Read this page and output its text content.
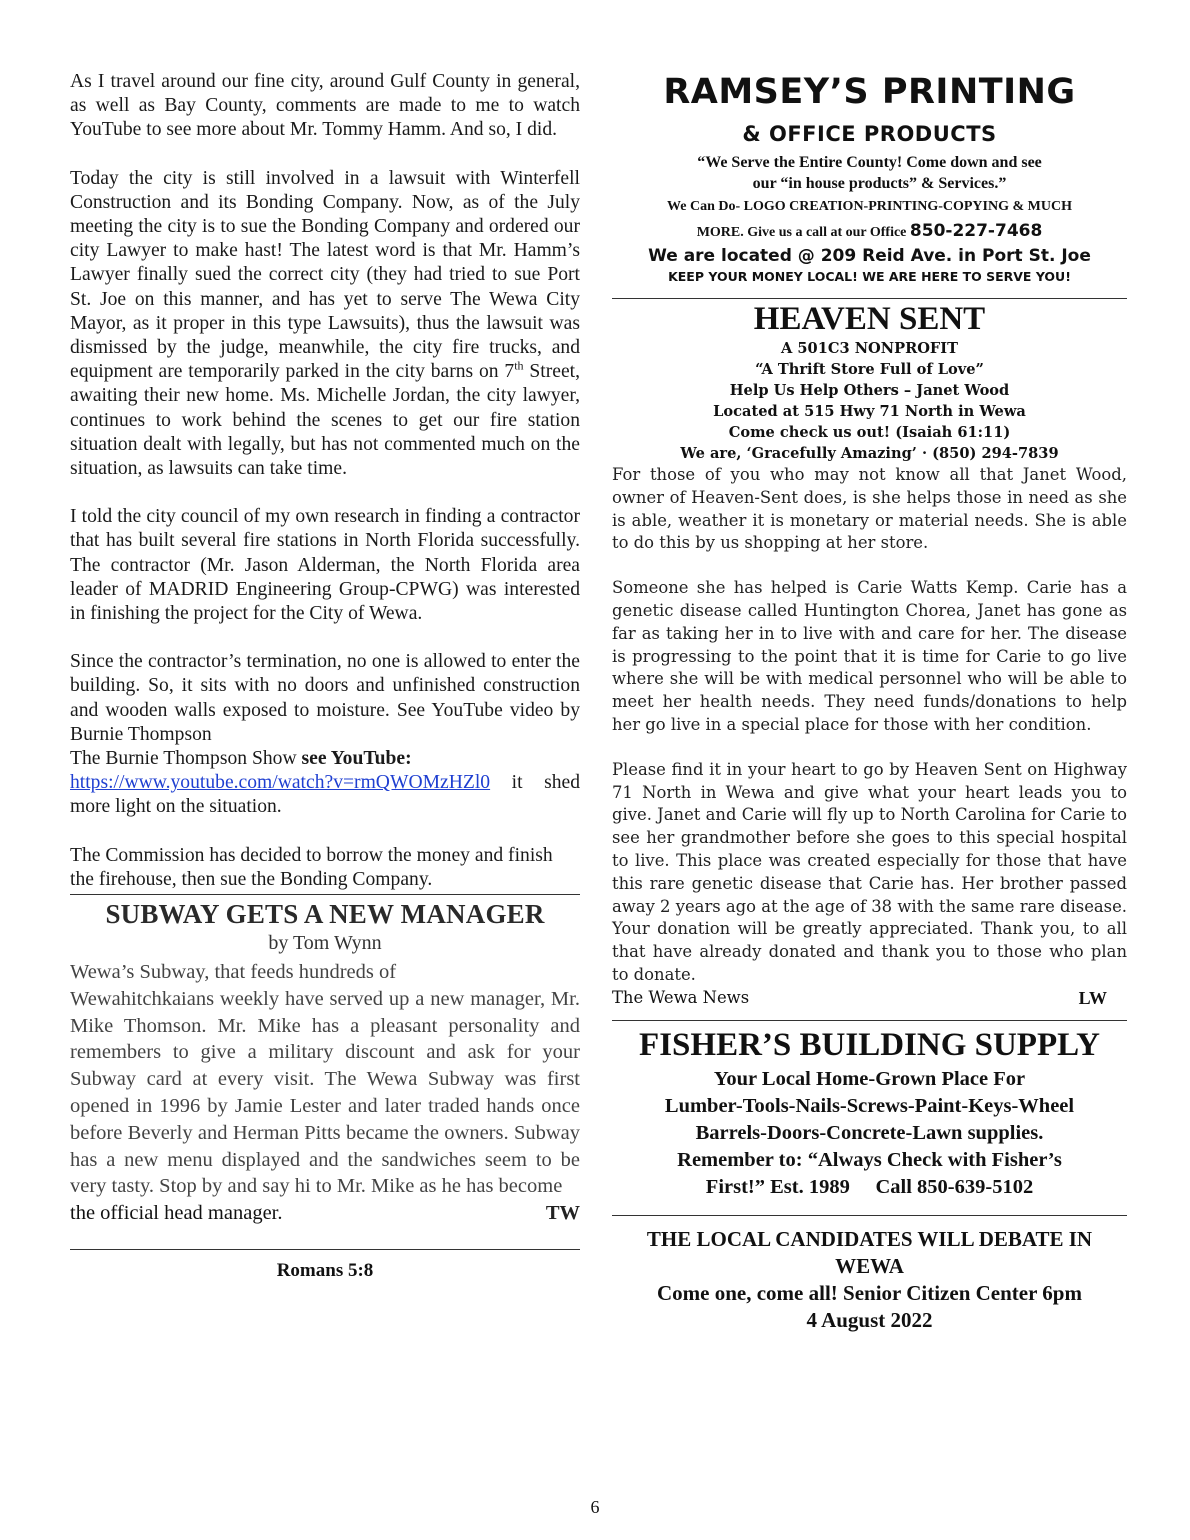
As I travel around our fine city, around Gulf County in general, as well as Bay County, comments are made to me to watch YouTube to see more about Mr. Tommy Hamm. And so, I did.

Today the city is still involved in a lawsuit with Winterfell Construction and its Bonding Company. Now, as of the July meeting the city is to sue the Bonding Company and ordered our city Lawyer to make hast! The latest word is that Mr. Hamm’s Lawyer finally sued the correct city (they had tried to sue Port St. Joe on this manner, and has yet to serve The Wewa City Mayor, as it proper in this type Lawsuits), thus the lawsuit was dismissed by the judge, meanwhile, the city fire trucks, and equipment are temporarily parked in the city barns on 7th Street, awaiting their new home. Ms. Michelle Jordan, the city lawyer, continues to work behind the scenes to get our fire station situation dealt with legally, but has not commented much on the situation, as lawsuits can take time.

I told the city council of my own research in finding a contractor that has built several fire stations in North Florida successfully. The contractor (Mr. Jason Alderman, the North Florida area leader of MADRID Engineering Group-CPWG) was interested in finishing the project for the City of Wewa.

Since the contractor’s termination, no one is allowed to enter the building. So, it sits with no doors and unfinished construction and wooden walls exposed to moisture. See YouTube video by Burnie Thompson
The Burnie Thompson Show see YouTube:
https://www.youtube.com/watch?v=rmQWOMzHZl0 it shed more light on the situation.

The Commission has decided to borrow the money and finish the firehouse, then sue the Bonding Company.

SUBWAY GETS A NEW MANAGER
by Tom Wynn
Wewa’s Subway, that feeds hundreds of

Wewahitchkaians weekly have served up a new manager, Mr. Mike Thomson. Mr. Mike has a pleasant personality and remembers to give a military discount and ask for your Subway card at every visit. The Wewa Subway was first opened in 1996 by Jamie Lester and later traded hands once before Beverly and Herman Pitts became the owners. Subway has a new menu displayed and the sandwiches seem to be very tasty. Stop by and say hi to Mr. Mike as he has become

the official head manager.	TW
Romans 5:8
RAMSEY’S PRINTING
& OFFICE PRODUCTS
“We Serve the Entire County! Come down and see
our “in house products” & Services.”
We Can Do- LOGO CREATION-PRINTING-COPYING & MUCH
MORE. Give us a call at our Office 850-227-7468
We are located @ 209 Reid Ave. in Port St. Joe
KEEP YOUR MONEY LOCAL! WE ARE HERE TO SERVE YOU!
HEAVEN SENT
A 501C3 NONPROFIT
“A Thrift Store Full of Love”
Help Us Help Others – Janet Wood
Located at 515 Hwy 71 North in Wewa
Come check us out! (Isaiah 61:11)
We are, ‘Gracefully Amazing’ · (850) 294-7839

For those of you who may not know all that Janet Wood, owner of Heaven-Sent does, is she helps those in need as she is able, weather it is monetary or material needs. She is able to do this by us shopping at her store.

Someone she has helped is Carie Watts Kemp. Carie has a genetic disease called Huntington Chorea, Janet has gone as far as taking her in to live with and care for her. The disease is progressing to the point that it is time for Carie to go live where she will be with medical personnel who will be able to meet her health needs. They need funds/donations to help her go live in a special place for those with her condition.

Please find it in your heart to go by Heaven Sent on Highway 71 North in Wewa and give what your heart leads you to give. Janet and Carie will fly up to North Carolina for Carie to see her grandmother before she goes to this special hospital to live. This place was created especially for those that have this rare genetic disease that Carie has. Her brother passed away 2 years ago at the age of 38 with the same rare disease. Your donation will be greatly appreciated. Thank you, to all that have already donated and thank you to those who plan to donate.

The Wewa News	LW
FISHER’S BUILDING SUPPLY
Your Local Home-Grown Place For
Lumber-Tools-Nails-Screws-Paint-Keys-Wheel
Barrels-Doors-Concrete-Lawn supplies.
Remember to: “Always Check with Fisher’s
First!” Est. 1989     Call 850-639-5102
THE LOCAL CANDIDATES WILL DEBATE IN
WEWA
Come one, come all! Senior Citizen Center 6pm
4 August 2022
6
